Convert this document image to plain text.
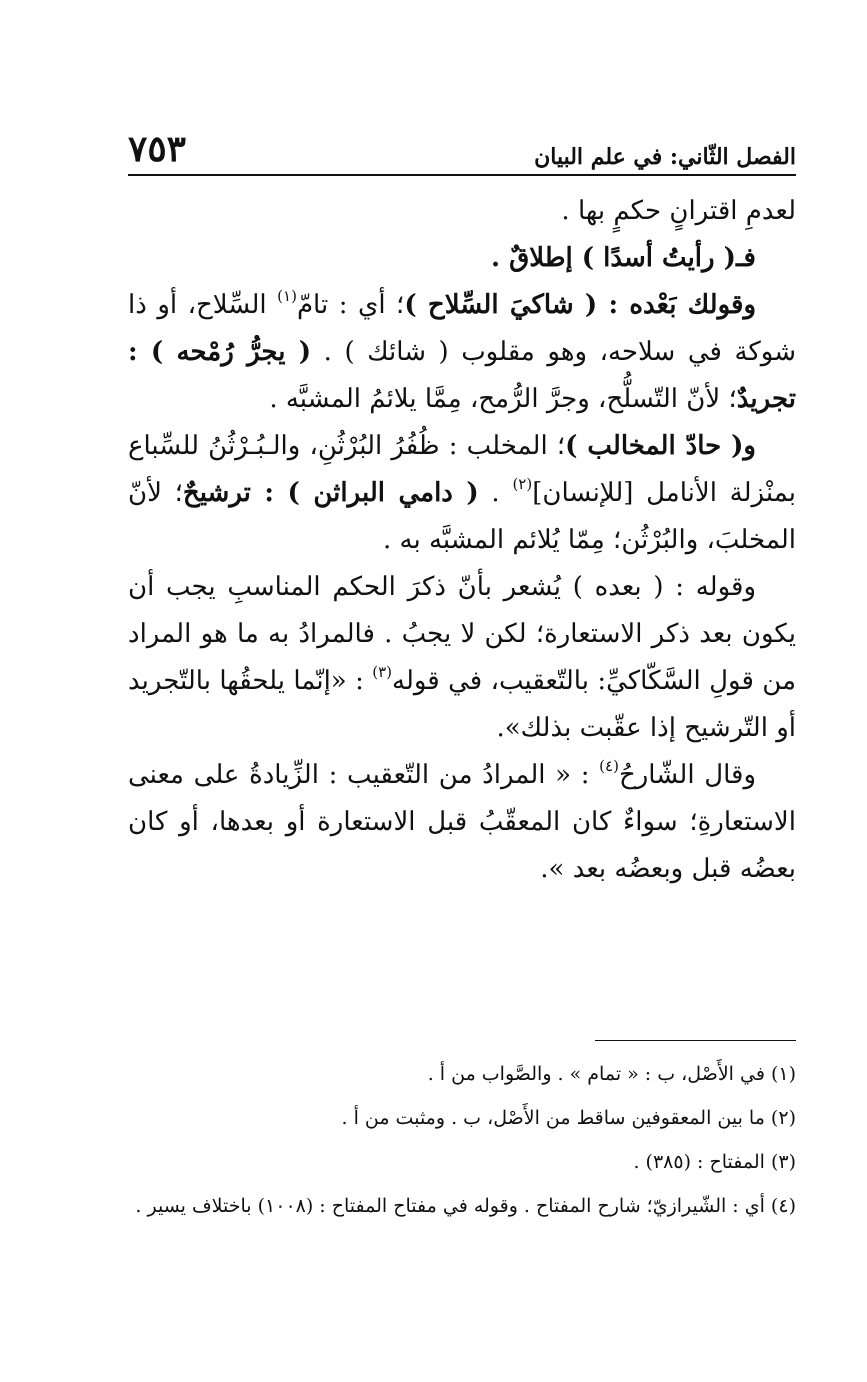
الفصل الثّاني: في علم البيان
٧٥٣

لعدمِ اقترانٍ حكمٍ بها .

فـ( رأيتُ أسدًا ) إطلاقٌ .

وقولك بَعْده : ( شاكيَ السِّلاح )؛ أي : تامّ$^{(١)}$ السِّلاح، أو ذا شوكة في سلاحه، وهو مقلوب ( شائك ) . ( يجرُّ رُمْحه ) : تجريدٌ؛ لأنّ التّسلُّح، وجرَّ الرُّمح، مِمَّا يلائمُ المشبَّه .

و( حادّ المخالب )؛ المخلب : ظُفُرُ البُرْثُنِ، والـبُـرْثُنُ للسِّباع بمنْزلة الأنامل [للإنسان]$^{(٢)}$ . ( دامي البراثن ) : ترشيحٌ؛ لأنّ المخلبَ، والبُرْثُن؛ مِمّا يُلائم المشبَّه به .

وقوله : ( بعده ) يُشعر بأنّ ذكرَ الحكم المناسبِ يجب أن يكون بعد ذكر الاستعارة؛ لكن لا يجبُ . فالمرادُ به ما هو المراد من قولِ السَّكّاكيِّ: بالتّعقيب، في قوله$^{(٣)}$ : «إنّما يلحقُها بالتّجريد أو التّرشيح إذا عقّبت بذلك».

وقال الشّارحُ$^{(٤)}$ : « المرادُ من التّعقيب : الزِّيادةُ على معنى الاستعارةِ؛ سواءٌ كان المعقّبُ قبل الاستعارة أو بعدها، أو كان بعضُه قبل وبعضُه بعد ».

(١) في الأَصْل، ب : « تمام » . والصَّواب من أ .

(٢) ما بين المعقوفين ساقط من الأَصْل، ب . ومثبت من أ .

(٣) المفتاح : (٣٨٥) .

(٤) أي : الشّيرازيّ؛ شارح المفتاح . وقوله في مفتاح المفتاح : (١٠٠٨) باختلاف يسير .
